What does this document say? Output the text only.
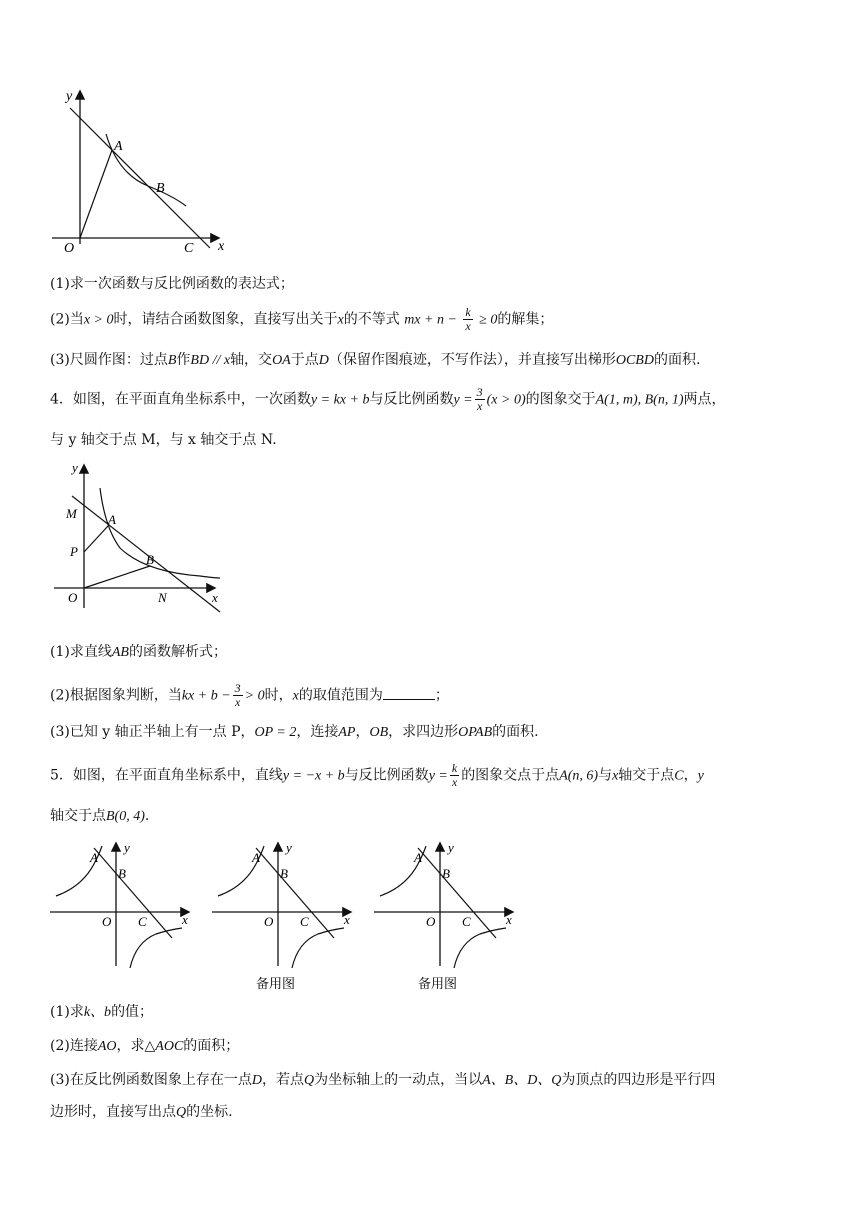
y
A
B
O	C x
(1)求一次函数与反比例函数的表达式；
(2)当x > 0时，请结合函数图象，直接写出关于x的不等式 mx + $n - \frac{k}{x} \ge 0$的解集；
(3)尺圆作图：过点B作BD // x轴，交OA于点D（保留作图痕迹，不写作法），并直接写出梯形OCBD的面积.
4．如图，在平面直角坐标系中，一次函数y = kx + b与反比例函数$y = \frac{3}{x} (x > 0)$的图象交于A(1, m), B(n, 1)两点，
与 y 轴交于点 M，与 x 轴交于点 N.
y
M A
P
B
O	N	x
(1)求直线AB的函数解析式；
(2)根据图象判断，当kx + $b - \frac{3}{x} > 0$时，x的取值范围为	；
(3)已知 y 轴正半轴上有一点 P，OP = 2，连接AP，OB，求四边形OPAB的面积.
5．如图，在平面直角坐标系中，直线y = −x + b与反比例函数$y = \frac{k}{x}$ 的图象交点于点A(n, 6)与x轴交于点C，y
轴交于点B(0, 4).
A
y
B
O C	x
A
y
B
O C	x
备用图
A
y
B
O C	x
备用图
(1)求k、b的值；
(2)连接AO，求△AOC的面积；
(3)在反比例函数图象上存在一点D，若点Q为坐标轴上的一动点，当以A、B、D、Q为顶点的四边形是平行四
边形时，直接写出点Q的坐标.
